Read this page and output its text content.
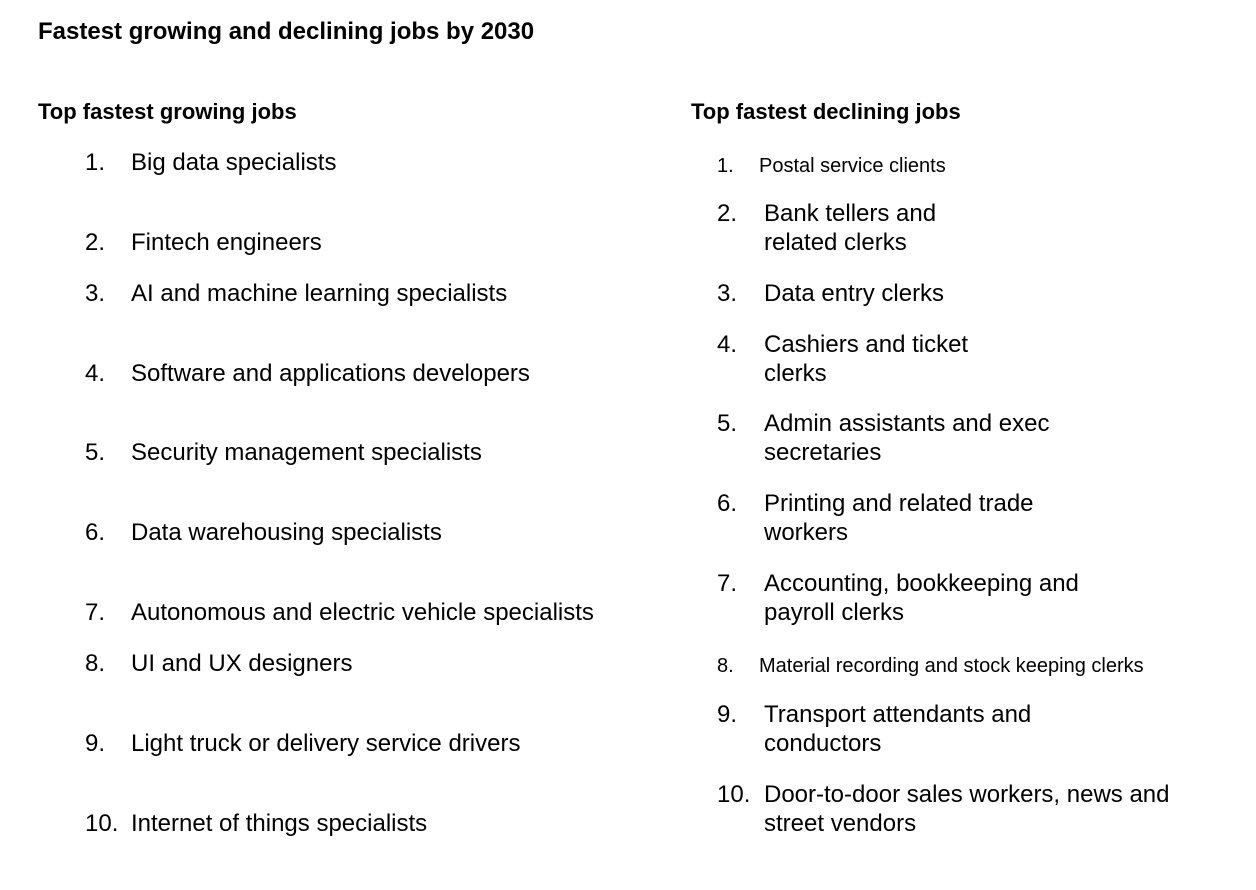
Fastest growing and declining jobs by 2030
Top fastest growing jobs	Top fastest declining jobs
1. Big data specialists
2. Fintech engineers
3. AI and machine learning specialists
4. Software and applications developers
5. Security management specialists
6. Data warehousing specialists
7. Autonomous and electric vehicle specialists
8. UI and UX designers
9. Light truck or delivery service drivers
10. Internet of things specialists
1. Postal service clients
2. Bank tellers and
related clerks
3. Data entry clerks
4. Cashiers and ticket
clerks
5. Admin assistants and exec
secretaries
6. Printing and related trade
workers
7. Accounting, bookkeeping and
payroll clerks
8. Material recording and stock keeping clerks
9. Transport attendants and
conductors
10. Door-to-door sales workers, news and
street vendors
